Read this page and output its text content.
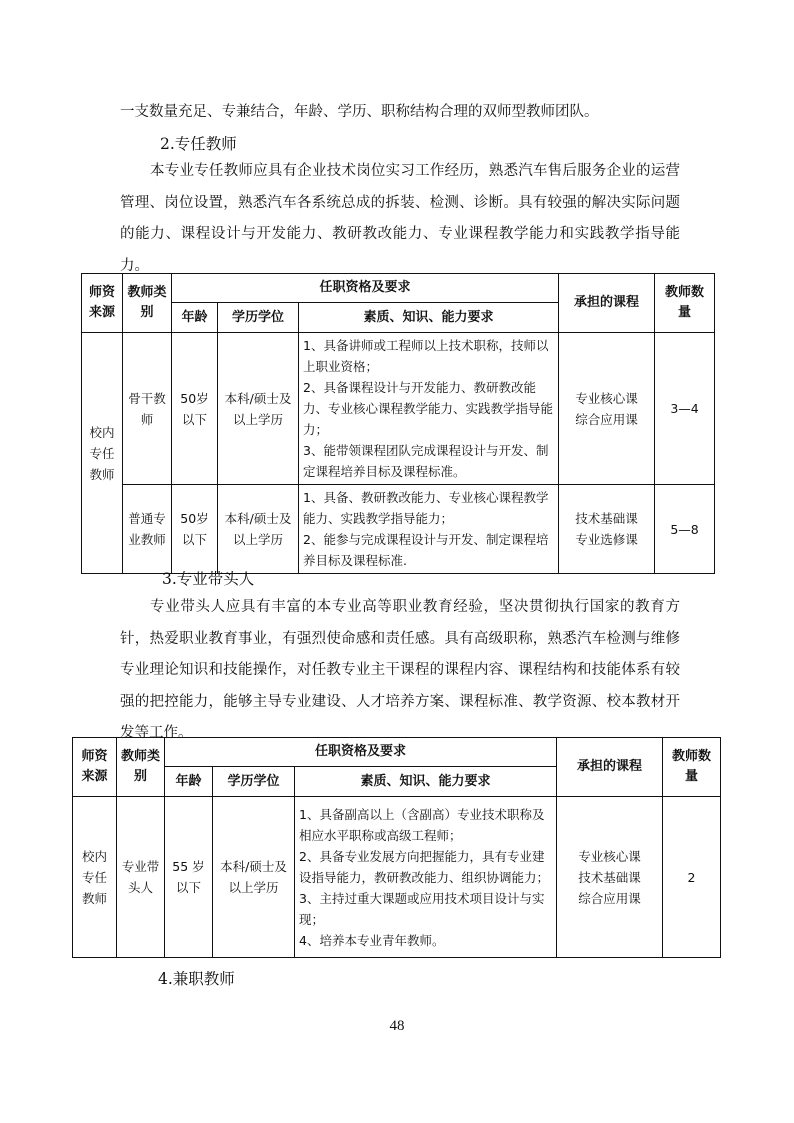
一支数量充足、专兼结合，年龄、学历、职称结构合理的双师型教师团队。

2.专任教师

本专业专任教师应具有企业技术岗位实习工作经历，熟悉汽车售后服务企业的运营管理、岗位设置，熟悉汽车各系统总成的拆装、检测、诊断。具有较强的解决实际问题的能力、课程设计与开发能力、教研教改能力、专业课程教学能力和实践教学指导能力。

师资来源	教师类别	任职资格及要求			承担的课程	教师数量
		年龄	学历学位	素质、知识、能力要求		
校内专任教师	骨干教师	50岁以下	本科/硕士及以上学历	1、具备讲师或工程师以上技术职称，技师以上职业资格；
2、具备课程设计与开发能力、教研教改能力、专业核心课程教学能力、实践教学指导能力；
3、能带领课程团队完成课程设计与开发、制定课程培养目标及课程标准。	专业核心课
综合应用课	3—4
	普通专业教师	50岁以下	本科/硕士及以上学历	1、具备、教研教改能力、专业核心课程教学能力、实践教学指导能力；
2、能参与完成课程设计与开发、制定课程培养目标及课程标准.	技术基础课
专业选修课	5—8

3.专业带头人

专业带头人应具有丰富的本专业高等职业教育经验，坚决贯彻执行国家的教育方针，热爱职业教育事业，有强烈使命感和责任感。具有高级职称，熟悉汽车检测与维修专业理论知识和技能操作，对任教专业主干课程的课程内容、课程结构和技能体系有较强的把控能力，能够主导专业建设、人才培养方案、课程标准、教学资源、校本教材开发等工作。

师资来源	教师类别	任职资格及要求			承担的课程	教师数量
		年龄	学历学位	素质、知识、能力要求		
校内专任教师	专业带头人	55 岁以下	本科/硕士及以上学历	1、具备副高以上（含副高）专业技术职称及相应水平职称或高级工程师；
2、具备专业发展方向把握能力，具有专业建设指导能力，教研教改能力、组织协调能力；
3、主持过重大课题或应用技术项目设计与实现；
4、培养本专业青年教师。	专业核心课
技术基础课
综合应用课	2

4.兼职教师

48
